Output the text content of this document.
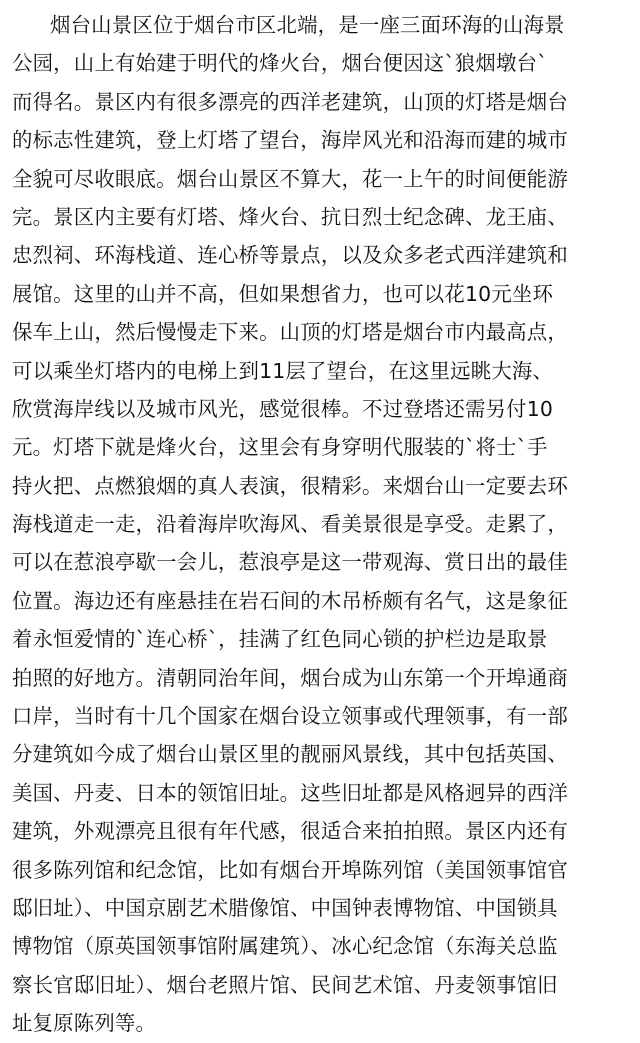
烟台山景区位于烟台市区北端，是一座三面环海的山海景
公园，山上有始建于明代的烽火台，烟台便因这`狼烟墩台`
而得名。景区内有很多漂亮的西洋老建筑，山顶的灯塔是烟台
的标志性建筑，登上灯塔了望台，海岸风光和沿海而建的城市
全貌可尽收眼底。烟台山景区不算大，花一上午的时间便能游
完。景区内主要有灯塔、烽火台、抗日烈士纪念碑、龙王庙、
忠烈祠、环海栈道、连心桥等景点，以及众多老式西洋建筑和
展馆。这里的山并不高，但如果想省力，也可以花10元坐环
保车上山，然后慢慢走下来。山顶的灯塔是烟台市内最高点，
可以乘坐灯塔内的电梯上到11层了望台，在这里远眺大海、
欣赏海岸线以及城市风光，感觉很棒。不过登塔还需另付10
元。灯塔下就是烽火台，这里会有身穿明代服装的`将士`手
持火把、点燃狼烟的真人表演，很精彩。来烟台山一定要去环
海栈道走一走，沿着海岸吹海风、看美景很是享受。走累了，
可以在惹浪亭歇一会儿，惹浪亭是这一带观海、赏日出的最佳
位置。海边还有座悬挂在岩石间的木吊桥颇有名气，这是象征
着永恒爱情的`连心桥`，挂满了红色同心锁的护栏边是取景
拍照的好地方。清朝同治年间，烟台成为山东第一个开埠通商
口岸，当时有十几个国家在烟台设立领事或代理领事，有一部
分建筑如今成了烟台山景区里的靓丽风景线，其中包括英国、
美国、丹麦、日本的领馆旧址。这些旧址都是风格迥异的西洋
建筑，外观漂亮且很有年代感，很适合来拍拍照。景区内还有
很多陈列馆和纪念馆，比如有烟台开埠陈列馆（美国领事馆官
邸旧址）、中国京剧艺术腊像馆、中国钟表博物馆、中国锁具
博物馆（原英国领事馆附属建筑）、冰心纪念馆（东海关总监
察长官邸旧址）、烟台老照片馆、民间艺术馆、丹麦领事馆旧
址复原陈列等。
